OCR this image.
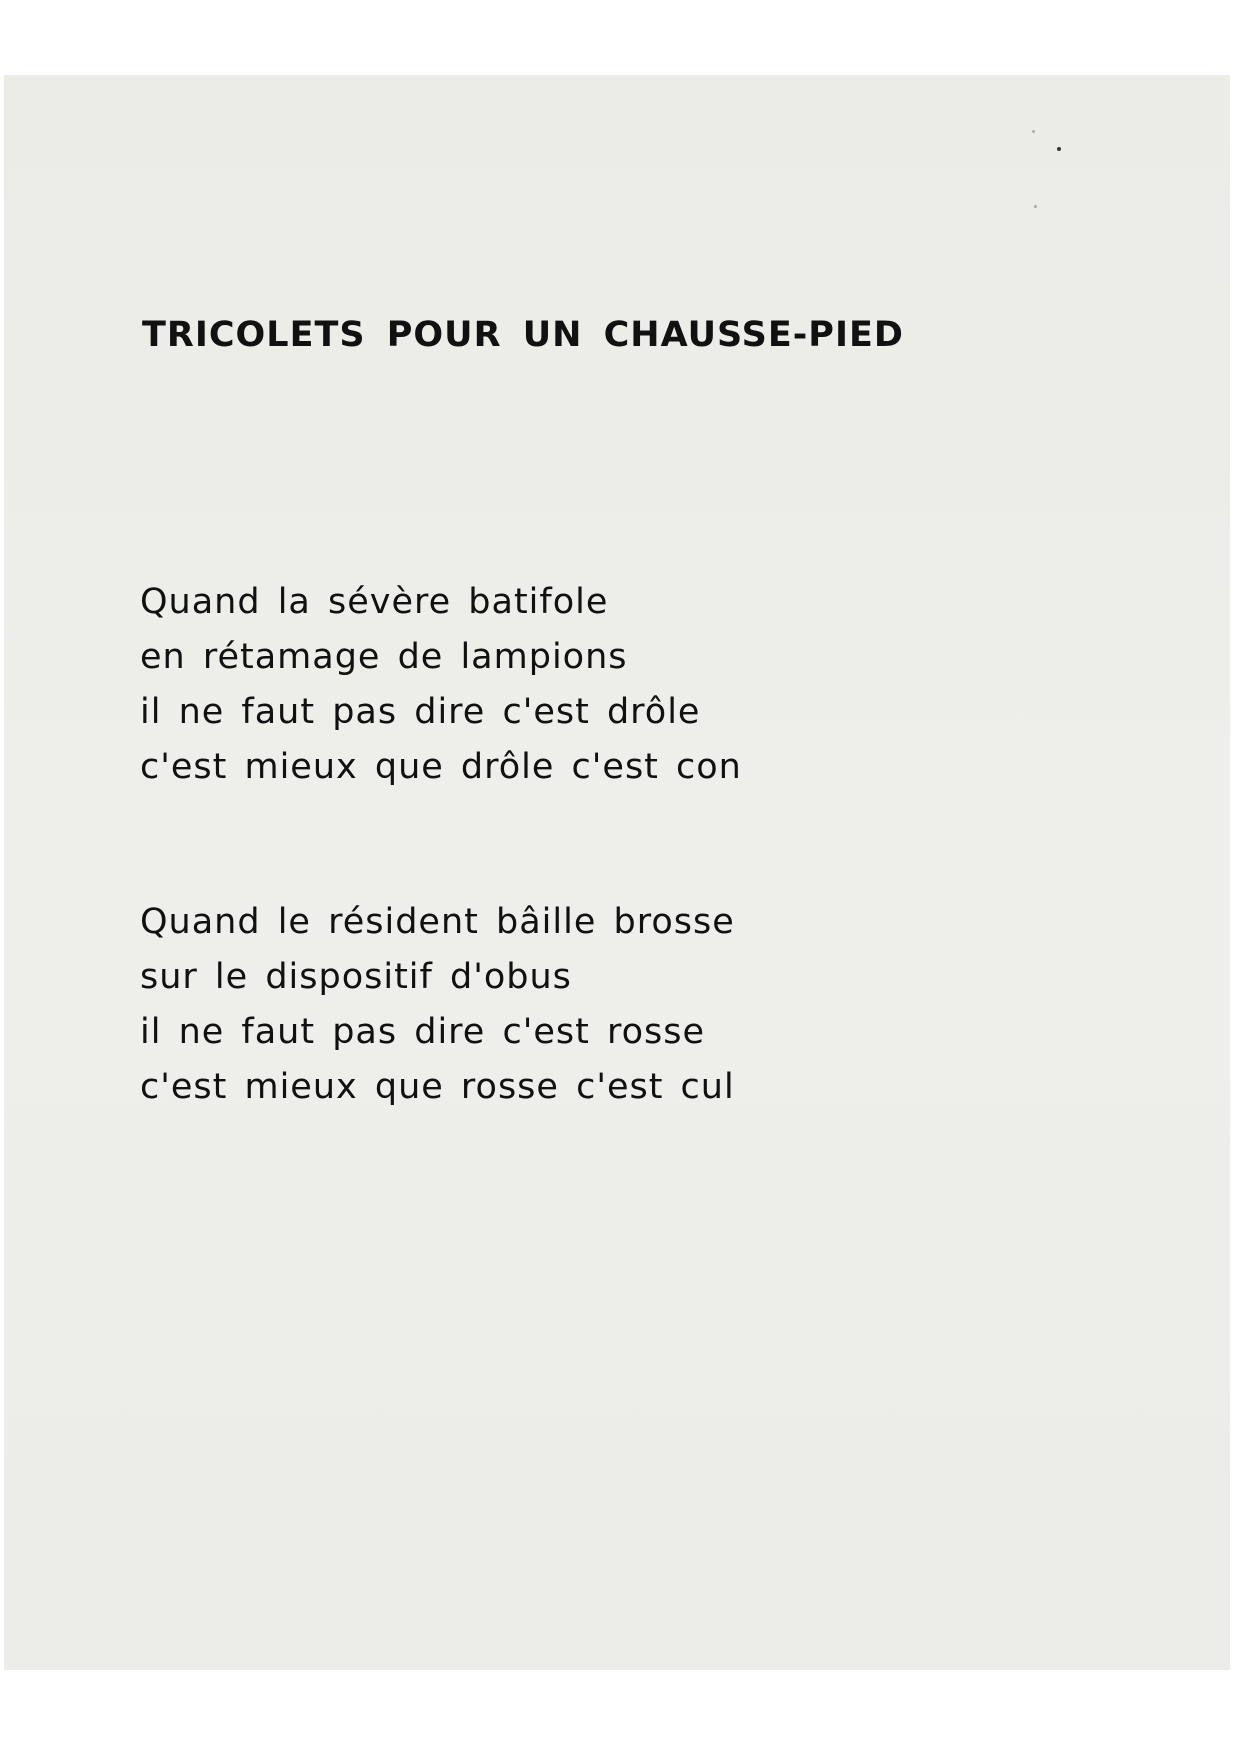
TRICOLETS POUR UN CHAUSSE-PIED
Quand la sévère batifole
en rétamage de lampions
il ne faut pas dire c'est drôle
c'est mieux que drôle c'est con
Quand le résident bâille brosse
sur le dispositif d'obus
il ne faut pas dire c'est rosse
c'est mieux que rosse c'est cul
